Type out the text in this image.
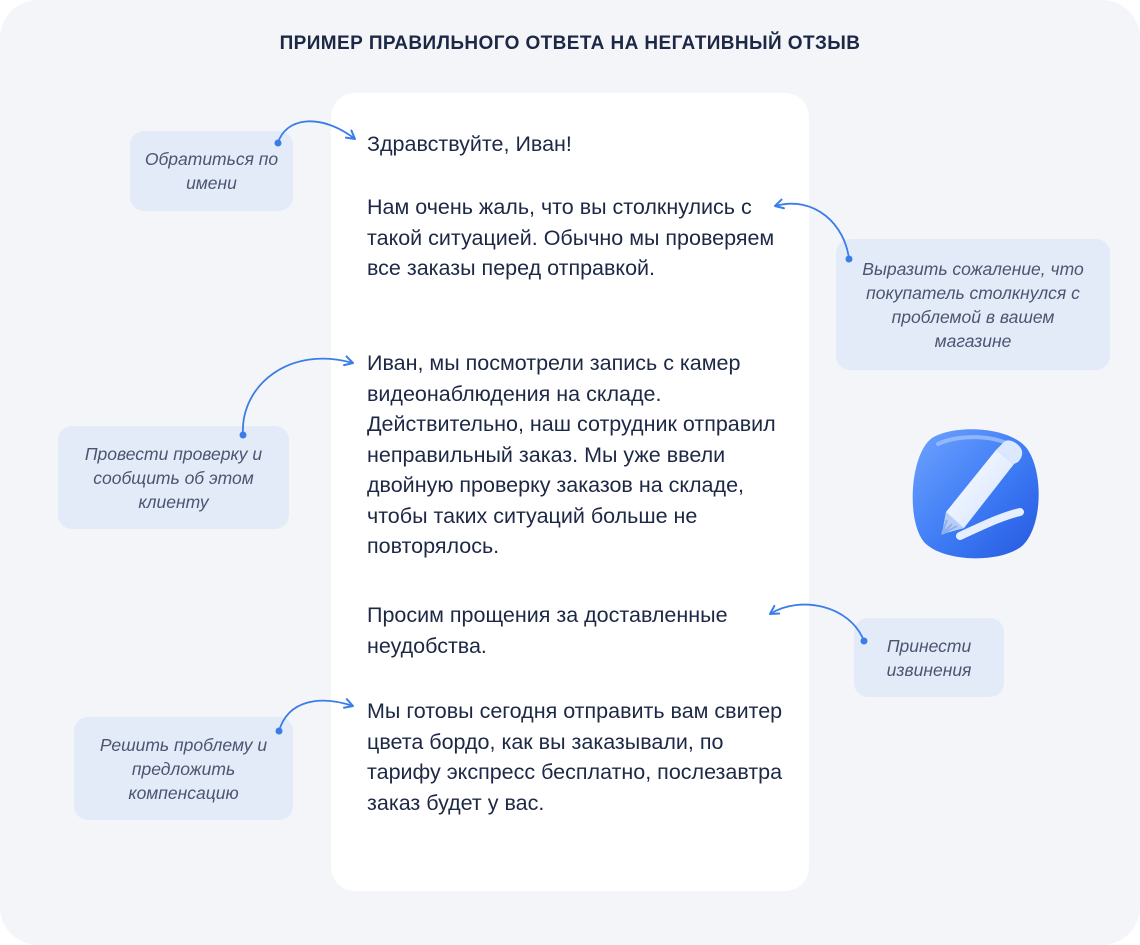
ПРИМЕР ПРАВИЛЬНОГО ОТВЕТА НА НЕГАТИВНЫЙ ОТЗЫВ

Здравствуйте, Иван!

Нам очень жаль, что вы столкнулись с такой ситуацией. Обычно мы проверяем все заказы перед отправкой.

Иван, мы посмотрели запись с камер видеонаблюдения на складе. Действительно, наш сотрудник отправил неправильный заказ. Мы уже ввели двойную проверку заказов на складе, чтобы таких ситуаций больше не повторялось.

Просим прощения за доставленные неудобства.

Мы готовы сегодня отправить вам свитер цвета бордо, как вы заказывали, по тарифу экспресс бесплатно, послезавтра заказ будет у вас.

Обратиться по имени
Выразить сожаление, что покупатель столкнулся с проблемой в вашем магазине
Провести проверку и сообщить об этом клиенту
Принести извинения
Решить проблему и предложить компенсацию
